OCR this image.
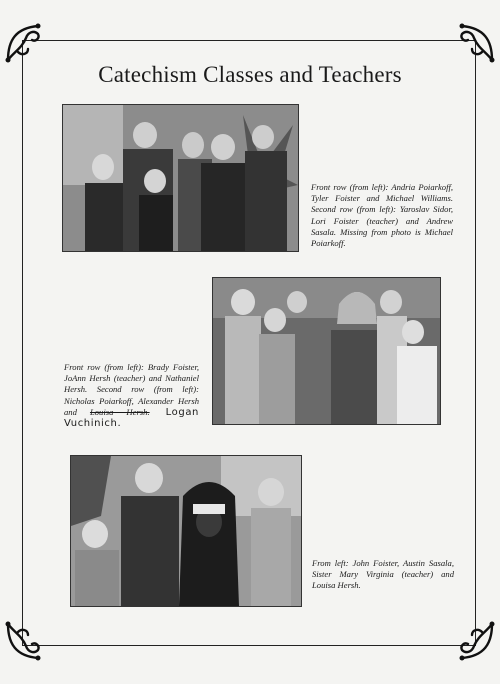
Catechism Classes and Teachers
Front row (from left): Andria Poiarkoff, Tyler Foister and Michael Williams. Second row (from left): Yaroslav Sidor, Lori Foister (teacher) and Andrew Sasala. Missing from photo is Michael Poiarkoff.
Front row (from left): Brady Foister, JoAnn Hersh (teacher) and Nathaniel Hersh. Second row (from left): Nicholas Poiarkoff, Alexander Hersh and Louisa Hersh. Logan Vuchinich.
From left: John Foister, Austin Sasala, Sister Mary Virginia (teacher) and Louisa Hersh.
